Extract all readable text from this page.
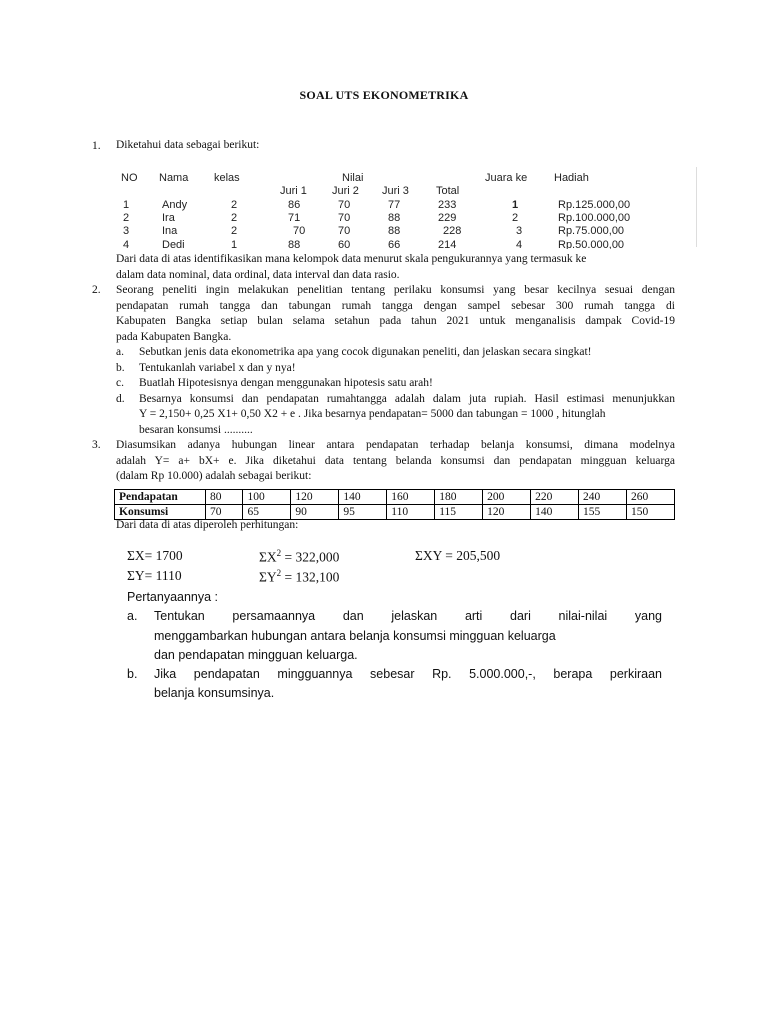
SOAL UTS EKONOMETRIKA
1. Diketahui data sebagai berikut:
NO Nama kelas	Nilai	Juara ke Hadiah
Juri 1 Juri 2 Juri 3 Total
1	Andy	2	86	70	77	233	1	Rp.125.000,00
2	Ira	2	71	70	88	229	2	Rp.100.000,00
3	Ina	2	70	70	88	228	3	Rp.75.000,00
4	Dedi	1	88	60	66	214	4	Rp.50.000,00
Dari data di atas identifikasikan mana kelompok data menurut skala pengukurannya yang termasuk ke
dalam data nominal, data ordinal, data interval dan data rasio.
2. Seorang peneliti ingin melakukan penelitian tentang perilaku konsumsi yang besar kecilnya sesuai dengan
pendapatan rumah tangga dan tabungan rumah tangga dengan sampel sebesar 300 rumah tangga di
Kabupaten Bangka setiap bulan selama setahun pada tahun 2021 untuk menganalisis dampak Covid-19
pada Kabupaten Bangka.
a. Sebutkan jenis data ekonometrika apa yang cocok digunakan peneliti, dan jelaskan secara singkat!
b. Tentukanlah variabel x dan y nya!
c. Buatlah Hipotesisnya dengan menggunakan hipotesis satu arah!
d. Besarnya konsumsi dan pendapatan rumahtangga adalah dalam juta rupiah. Hasil estimasi menunjukkan
Y = 2,150+ 0,25 X1+ 0,50 X2 + e . Jika besarnya pendapatan= 5000 dan tabungan = 1000 , hitunglah
besaran konsumsi ..........
3. Diasumsikan adanya hubungan linear antara pendapatan terhadap belanja konsumsi, dimana modelnya
adalah Y= a+ bX+ e. Jika diketahui data tentang belanda konsumsi dan pendapatan mingguan keluarga
(dalam Rp 10.000) adalah sebagai berikut:
Pendapatan	80	100	120	140	160	180	200	220	240	260
Konsumsi	70	65	90	95	110	115	120	140	155	150
Dari data di atas diperoleh perhitungan:
ΣX= 1700	$\Sigma X^2 = 322,000$	ΣXY = 205,500
ΣY= 1110	$\Sigma Y^2 = 132,100$
Pertanyaannya :
a. Tentukan persamaannya dan jelaskan arti dari nilai-nilai yang
menggambarkan hubungan antara belanja konsumsi mingguan keluarga
dan pendapatan mingguan keluarga.
b. Jika pendapatan mingguannya sebesar Rp. 5.000.000,-, berapa perkiraan
belanja konsumsinya.
